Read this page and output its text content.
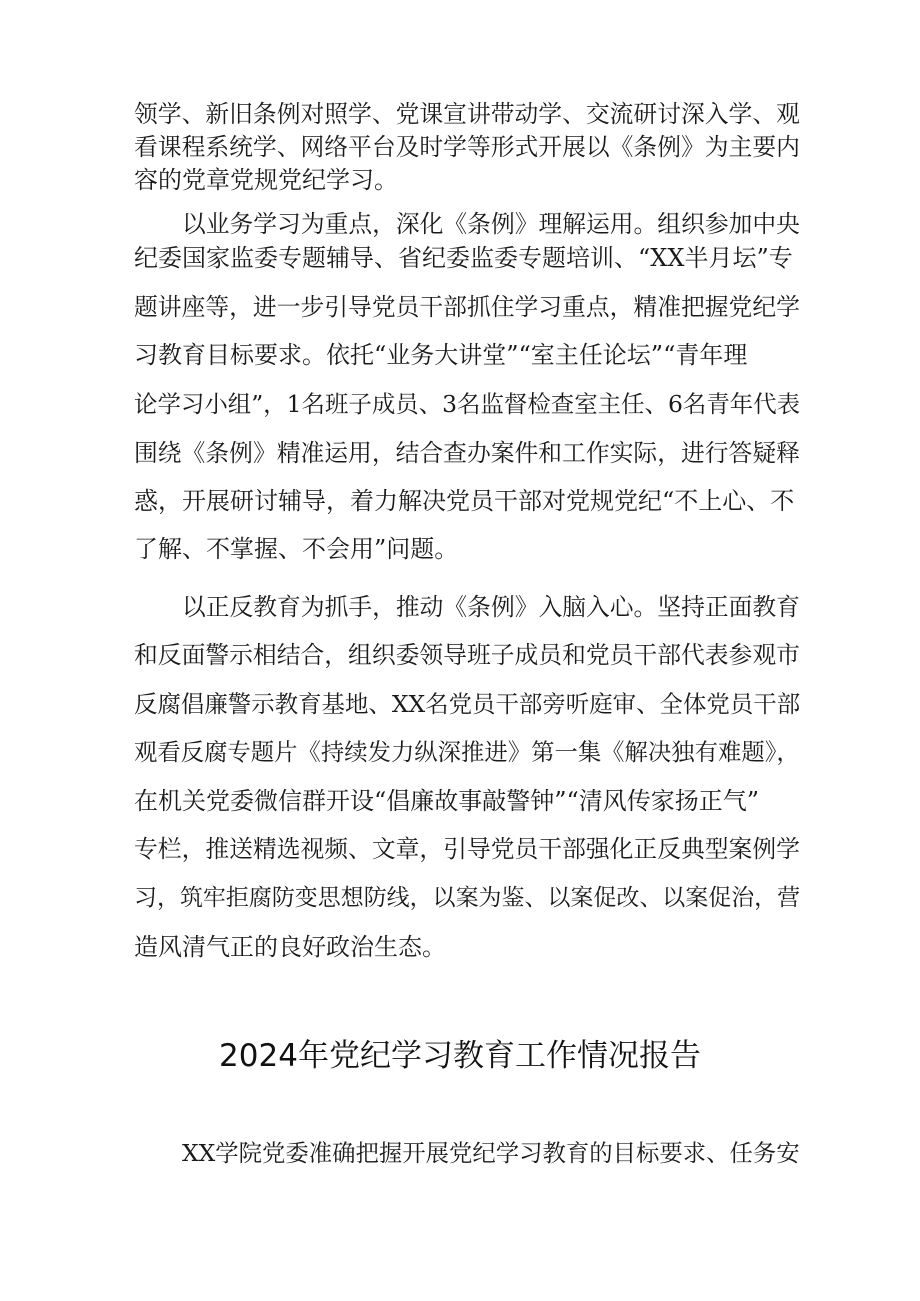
领学、新旧条例对照学、党课宣讲带动学、交流研讨深入学、观

看课程系统学、网络平台及时学等形式开展以《条例》为主要内

容的党章党规党纪学习。

以业务学习为重点，深化《条例》理解运用。组织参加中央

纪委国家监委专题辅导、省纪委监委专题培训、“XX半月坛”专

题讲座等，进一步引导党员干部抓住学习重点，精准把握党纪学

习教育目标要求。依托“业务大讲堂”“室主任论坛”“青年理

论学习小组”，1名班子成员、3名监督检查室主任、6名青年代表

围绕《条例》精准运用，结合查办案件和工作实际，进行答疑释

惑，开展研讨辅导，着力解决党员干部对党规党纪“不上心、不

了解、不掌握、不会用”问题。

以正反教育为抓手，推动《条例》入脑入心。坚持正面教育

和反面警示相结合，组织委领导班子成员和党员干部代表参观市

反腐倡廉警示教育基地、XX名党员干部旁听庭审、全体党员干部

观看反腐专题片《持续发力纵深推进》第一集《解决独有难题》，

在机关党委微信群开设“倡廉故事敲警钟”“清风传家扬正气”

专栏，推送精选视频、文章，引导党员干部强化正反典型案例学

习，筑牢拒腐防变思想防线，以案为鉴、以案促改、以案促治，营

造风清气正的良好政治生态。

2024年党纪学习教育工作情况报告

XX学院党委准确把握开展党纪学习教育的目标要求、任务安
